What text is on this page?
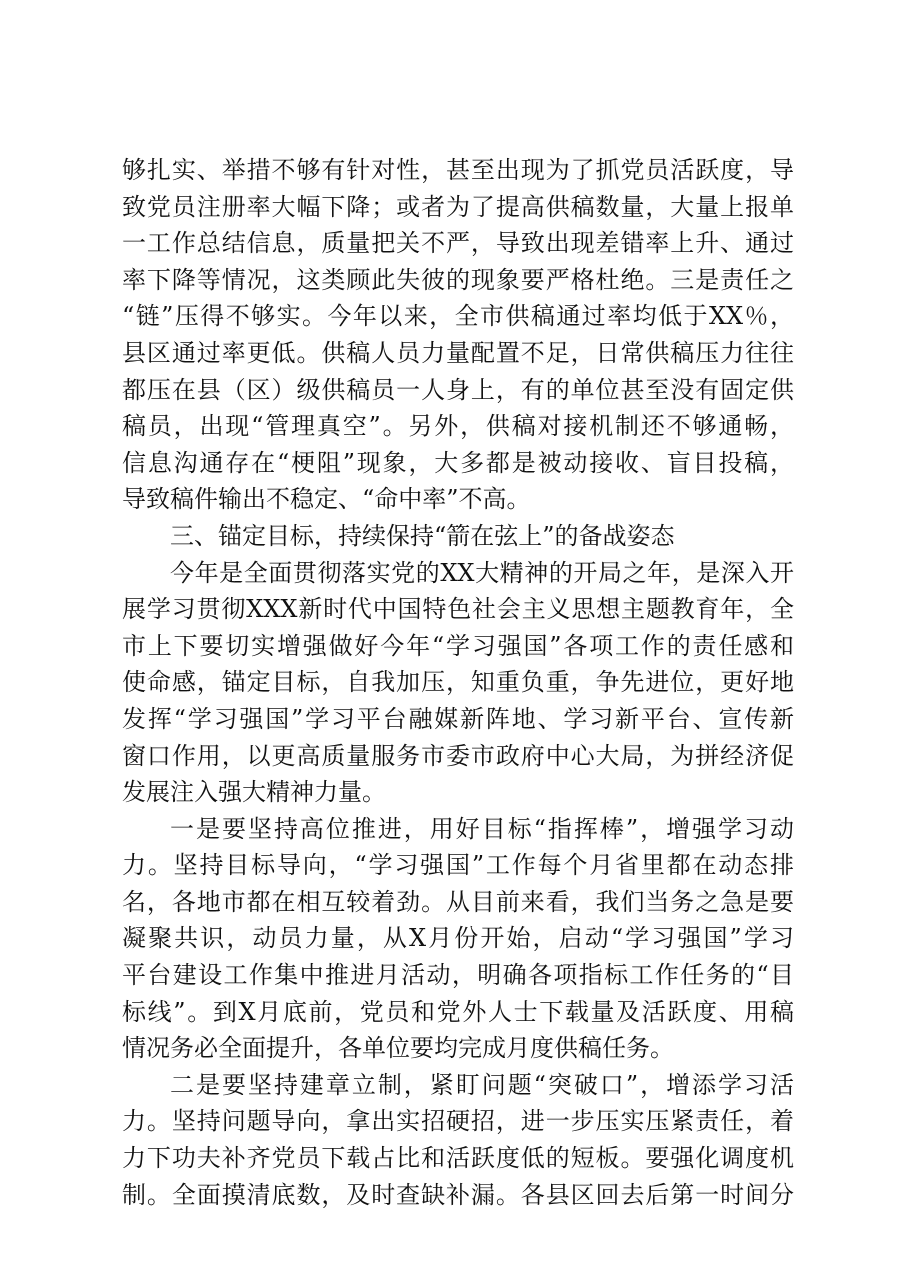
够扎实、举措不够有针对性，甚至出现为了抓党员活跃度，导
致党员注册率大幅下降；或者为了提高供稿数量，大量上报单
一工作总结信息，质量把关不严，导致出现差错率上升、通过
率下降等情况，这类顾此失彼的现象要严格杜绝。三是责任之
“链”压得不够实。今年以来，全市供稿通过率均低于XX％，
县区通过率更低。供稿人员力量配置不足，日常供稿压力往往
都压在县（区）级供稿员一人身上，有的单位甚至没有固定供
稿员，出现“管理真空”。另外，供稿对接机制还不够通畅，
信息沟通存在“梗阻”现象，大多都是被动接收、盲目投稿，
导致稿件输出不稳定、“命中率”不高。
三、锚定目标，持续保持“箭在弦上”的备战姿态
今年是全面贯彻落实党的XX大精神的开局之年，是深入开
展学习贯彻XXX新时代中国特色社会主义思想主题教育年，全
市上下要切实增强做好今年“学习强国”各项工作的责任感和
使命感，锚定目标，自我加压，知重负重，争先进位，更好地
发挥“学习强国”学习平台融媒新阵地、学习新平台、宣传新
窗口作用，以更高质量服务市委市政府中心大局，为拼经济促
发展注入强大精神力量。
一是要坚持高位推进，用好目标“指挥棒”，增强学习动
力。坚持目标导向，“学习强国”工作每个月省里都在动态排
名，各地市都在相互较着劲。从目前来看，我们当务之急是要
凝聚共识，动员力量，从X月份开始，启动“学习强国”学习
平台建设工作集中推进月活动，明确各项指标工作任务的“目
标线”。到X月底前，党员和党外人士下载量及活跃度、用稿
情况务必全面提升，各单位要均完成月度供稿任务。
二是要坚持建章立制，紧盯问题“突破口”，增添学习活
力。坚持问题导向，拿出实招硬招，进一步压实压紧责任，着
力下功夫补齐党员下载占比和活跃度低的短板。要强化调度机
制。全面摸清底数，及时查缺补漏。各县区回去后第一时间分
